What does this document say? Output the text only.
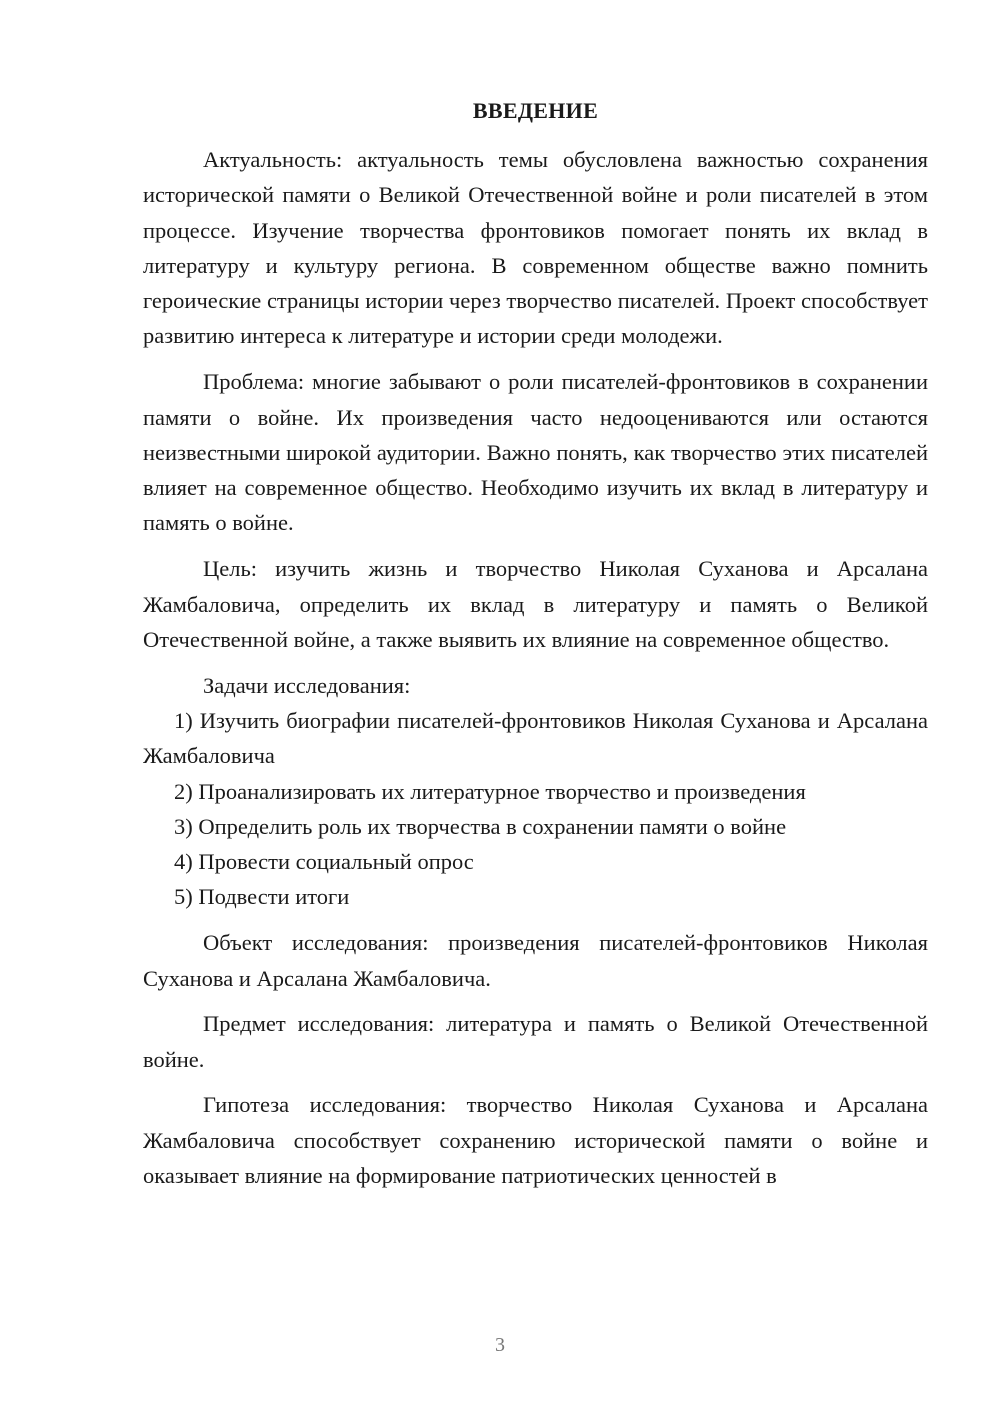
ВВЕДЕНИЕ

Актуальность: актуальность темы обусловлена важностью сохранения исторической памяти о Великой Отечественной войне и роли писателей в этом процессе. Изучение творчества фронтовиков помогает понять их вклад в литературу и культуру региона. В современном обществе важно помнить героические страницы истории через творчество писателей. Проект способствует развитию интереса к литературе и истории среди молодежи.

Проблема: многие забывают о роли писателей-фронтовиков в сохранении памяти о войне. Их произведения часто недооцениваются или остаются неизвестными широкой аудитории. Важно понять, как творчество этих писателей влияет на современное общество. Необходимо изучить их вклад в литературу и память о войне.

Цель: изучить жизнь и творчество Николая Суханова и Арсалана Жамбаловича, определить их вклад в литературу и память о Великой Отечественной войне, а также выявить их влияние на современное общество.

Задачи исследования:

1) Изучить биографии писателей-фронтовиков Николая Суханова и Арсалана Жамбаловича

2) Проанализировать их литературное творчество и произведения

3) Определить роль их творчества в сохранении памяти о войне

4) Провести социальный опрос

5) Подвести итоги

Объект исследования: произведения писателей-фронтовиков Николая Суханова и Арсалана Жамбаловича.

Предмет исследования: литература и память о Великой Отечественной войне.

Гипотеза исследования: творчество Николая Суханова и Арсалана Жамбаловича способствует сохранению исторической памяти о войне и оказывает влияние на формирование патриотических ценностей в

3
